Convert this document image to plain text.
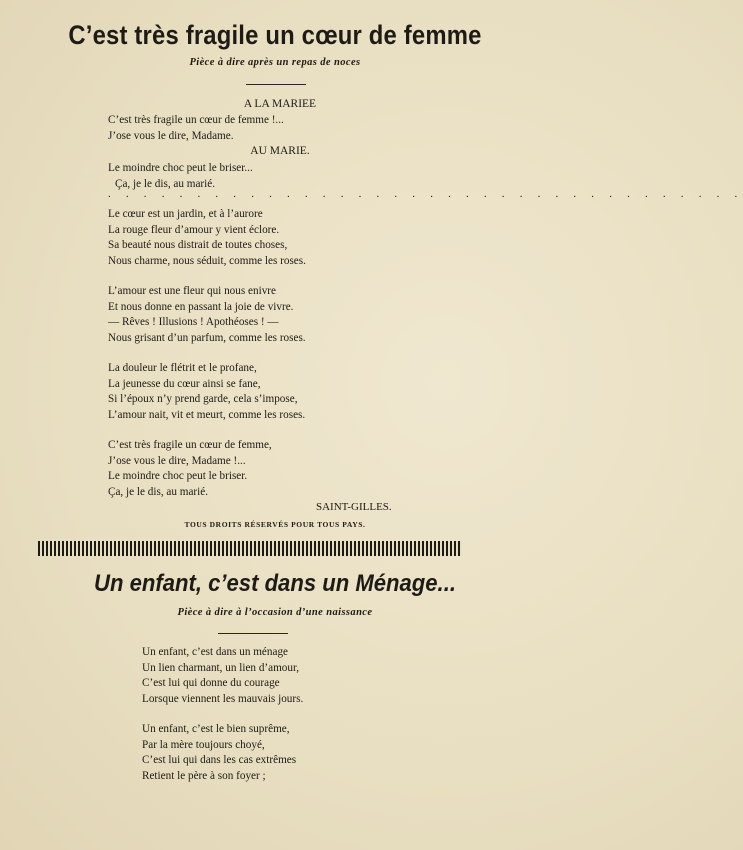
C’est très fragile un cœur de femme
Pièce à dire après un repas de noces
A LA MARIEE
C’est très fragile un cœur de femme !...
J’ose vous le dire, Madame.
AU MARIE.
Le moindre choc peut le briser...
Ça, je le dis, au marié.
. . . . . . . . . . . . . . . . . . . . . . . . . . . . . . . . . . . .
Le cœur est un jardin, et à l’aurore
La rouge fleur d’amour y vient éclore.
Sa beauté nous distrait de toutes choses,
Nous charme, nous séduit, comme les roses.
L’amour est une fleur qui nous enivre
Et nous donne en passant la joie de vivre.
— Rêves ! Illusions ! Apothéoses ! —
Nous grisant d’un parfum, comme les roses.
La douleur le flétrit et le profane,
La jeunesse du cœur ainsi se fane,
Si l’époux n’y prend garde, cela s’impose,
L’amour nait, vit et meurt, comme les roses.
C’est très fragile un cœur de femme,
J’ose vous le dire, Madame !...
Le moindre choc peut le briser.
Ça, je le dis, au marié.
SAINT-GILLES.
TOUS DROITS RÉSERVÉS POUR TOUS PAYS.
Un enfant, c’est dans un Ménage...
Pièce à dire à l’occasion d’une naissance
Un enfant, c’est dans un ménage
Un lien charmant, un lien d’amour,
C’est lui qui donne du courage
Lorsque viennent les mauvais jours.
Un enfant, c’est le bien suprême,
Par la mère toujours choyé,
C’est lui qui dans les cas extrêmes
Retient le père à son foyer ;
